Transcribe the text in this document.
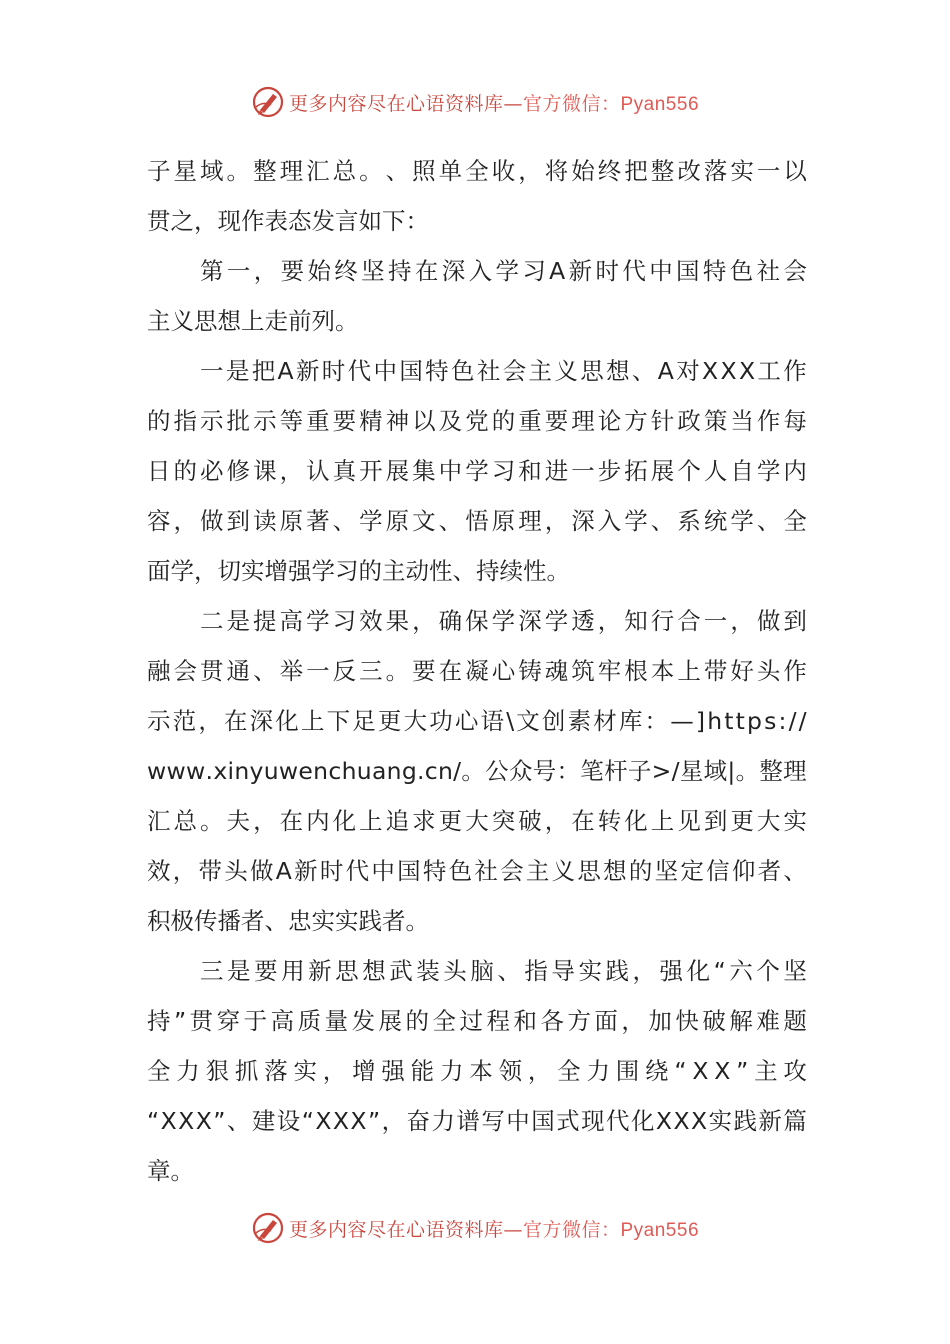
更多内容尽在心语资料库—官方微信：Pyan556
子 星 域 。 整 理 汇 总 。 、 照 单 全 收 ， 将 始 终 把 整 改 落 实 一 以
贯之，现作表态发言如下：
第 一 ， 要 始 终 坚 持 在 深 入 学 习 A 新 时 代 中 国 特 色 社 会
主义思想上走前列。
一 是 把 A 新 时 代 中 国 特 色 社 会 主 义 思 想 、 A 对 X X X 工 作
的 指 示 批 示 等 重 要 精 神 以 及 党 的 重 要 理 论 方 针 政 策 当 作 每
日 的 必 修 课 ， 认 真 开 展 集 中 学 习 和 进 一 步 拓 展 个 人 自 学 内
容 ， 做 到 读 原 著 、 学 原 文 、 悟 原 理 ， 深 入 学 、 系 统 学 、 全
面学，切实增强学习的主动性、持续性。
二 是 提 高 学 习 效 果 ， 确 保 学 深 学 透 ， 知 行 合 一 ， 做 到
融 会 贯 通 、 举 一 反 三 。 要 在 凝 心 铸 魂 筑 牢 根 本 上 带 好 头 作
示 范 ， 在 深 化 上 下 足 更 大 功 心 语 \ 文 创 素 材 库 ： — ] h t t p s : / /
w w w . x i n y u w e n c h u a n g . c n / 。 公 众 号 ： 笔 杆 子 > / 星 域 | 。 整 理
汇 总 。 夫 ， 在 内 化 上 追 求 更 大 突 破 ， 在 转 化 上 见 到 更 大 实
效 ， 带 头 做 A 新 时 代 中 国 特 色 社 会 主 义 思 想 的 坚 定 信 仰 者 、
积极传播者、忠实实践者。
三 是 要 用 新 思 想 武 装 头 脑 、 指 导 实 践 ， 强 化 “ 六 个 坚
持 ” 贯 穿 于 高 质 量 发 展 的 全 过 程 和 各 方 面 ， 加 快 破 解 难 题
全 力 狠 抓 落 实 ， 增 强 能 力 本 领 ， 全 力 围 绕 “ X X ” 主 攻
“ X X X ” 、 建 设 “ X X X ” ， 奋 力 谱 写 中 国 式 现 代 化 X X X 实 践 新 篇
章。
更多内容尽在心语资料库—官方微信：Pyan556
